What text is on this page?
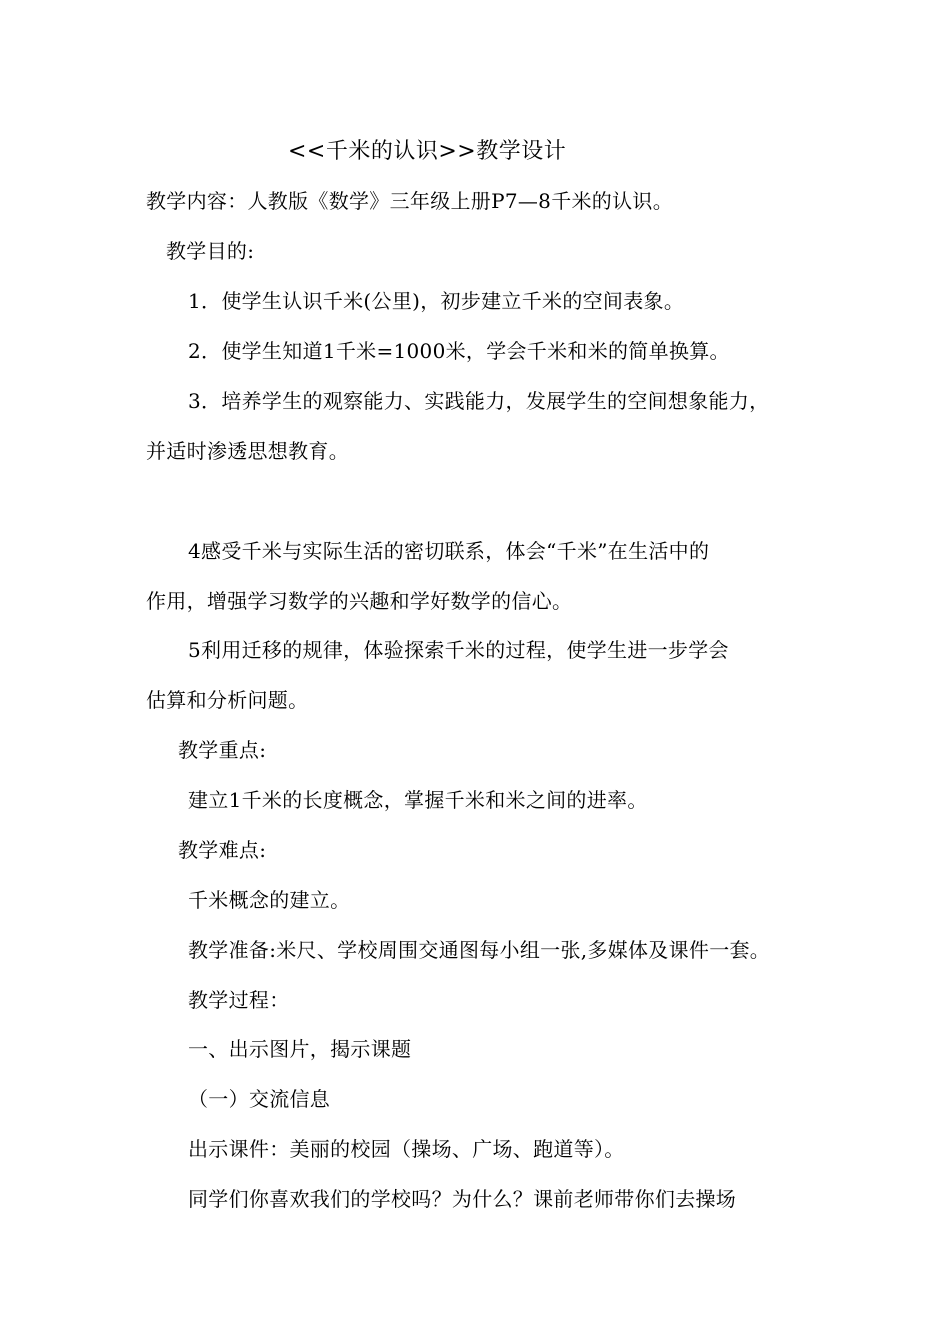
<<千米的认识>>教学设计
教学内容：人教版《数学》三年级上册P7—8千米的认识。
教学目的:
1．使学生认识千米(公里)，初步建立千米的空间表象。
2．使学生知道1千米=1000米，学会千米和米的简单换算。
3．培养学生的观察能力、实践能力，发展学生的空间想象能力，
并适时渗透思想教育。
4感受千米与实际生活的密切联系，体会“千米”在生活中的
作用，增强学习数学的兴趣和学好数学的信心。
5利用迁移的规律，体验探索千米的过程，使学生进一步学会
估算和分析问题。
教学重点:
建立1千米的长度概念，掌握千米和米之间的进率。
教学难点:
千米概念的建立。
教学准备:米尺、学校周围交通图每小组一张,多媒体及课件一套。
教学过程：
一、出示图片，揭示课题
（一）交流信息
出示课件：美丽的校园（操场、广场、跑道等）。
同学们你喜欢我们的学校吗？为什么？课前老师带你们去操场
